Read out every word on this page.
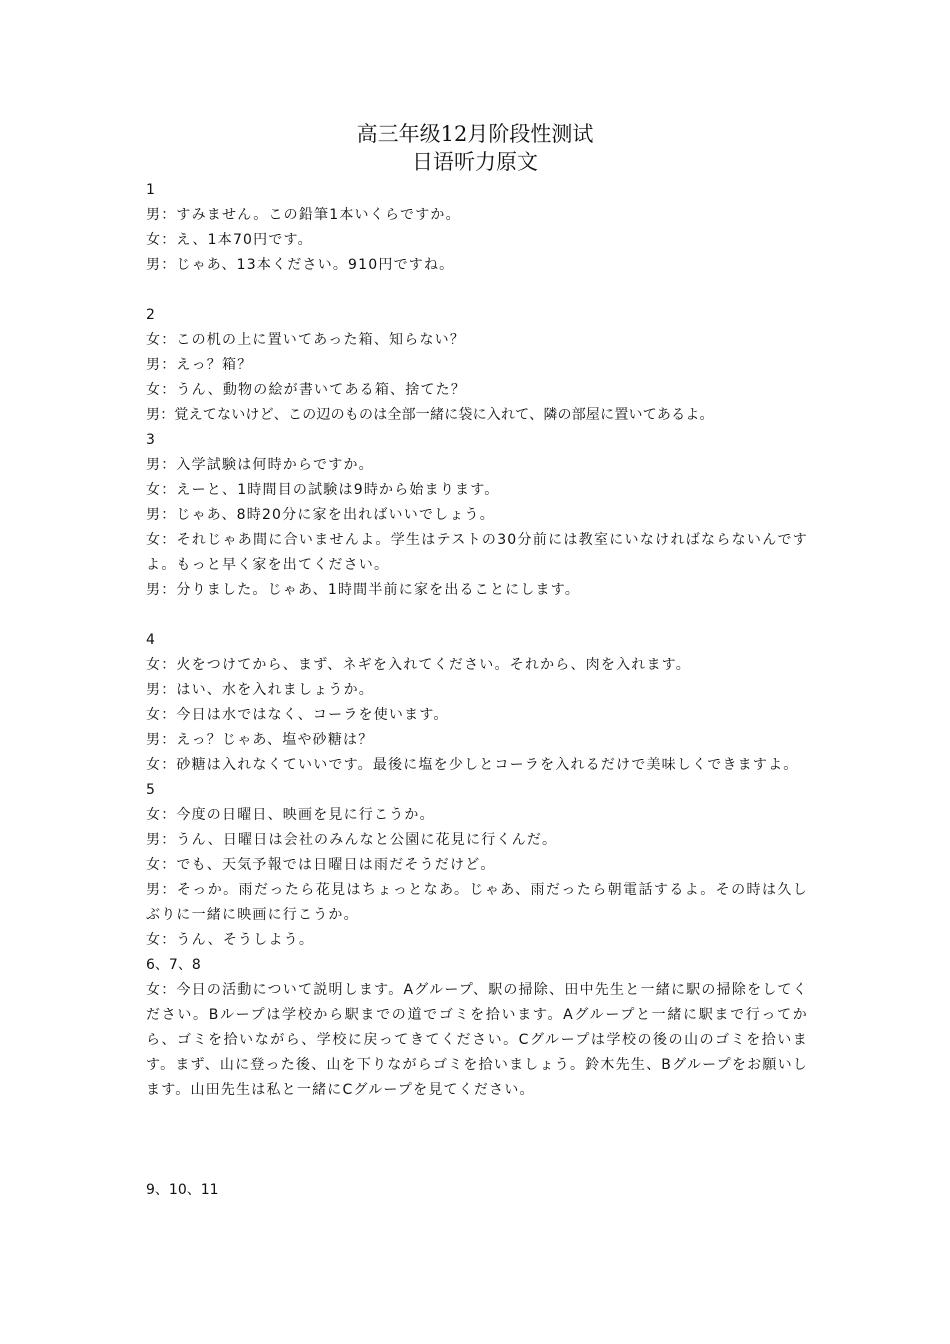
高三年级12月阶段性测试
日语听力原文
1
男：すみません。この鉛筆1本いくらですか。
女：え、1本70円です。
男：じゃあ、13本ください。910円ですね。
2
女：この机の上に置いてあった箱、知らない？
男：えっ？箱？
女：うん、動物の絵が書いてある箱、捨てた？
男：覚えてないけど、この辺のものは全部一緒に袋に入れて、隣の部屋に置いてあるよ。
3
男：入学試験は何時からですか。
女：えーと、1時間目の試験は9時から始まります。
男：じゃあ、8時20分に家を出ればいいでしょう。
女：それじゃあ間に合いませんよ。学生はテストの30分前には教室にいなければならないんですよ。もっと早く家を出てください。
男：分りました。じゃあ、1時間半前に家を出ることにします。
4
女：火をつけてから、まず、ネギを入れてください。それから、肉を入れます。
男：はい、水を入れましょうか。
女：今日は水ではなく、コーラを使います。
男：えっ？じゃあ、塩や砂糖は？
女：砂糖は入れなくていいです。最後に塩を少しとコーラを入れるだけで美味しくできますよ。
5
女：今度の日曜日、映画を見に行こうか。
男：うん、日曜日は会社のみんなと公園に花見に行くんだ。
女：でも、天気予報では日曜日は雨だそうだけど。
男：そっか。雨だったら花見はちょっとなあ。じゃあ、雨だったら朝電話するよ。その時は久しぶりに一緒に映画に行こうか。
女：うん、そうしよう。
6、7、8
女：今日の活動について説明します。Aグループ、駅の掃除、田中先生と一緒に駅の掃除をしてください。Bループは学校から駅までの道でゴミを拾います。Aグループと一緒に駅まで行ってから、ゴミを拾いながら、学校に戻ってきてください。Cグループは学校の後の山のゴミを拾います。まず、山に登った後、山を下りながらゴミを拾いましょう。鈴木先生、Bグループをお願いします。山田先生は私と一緒にCグループを見てください。
9、10、11
